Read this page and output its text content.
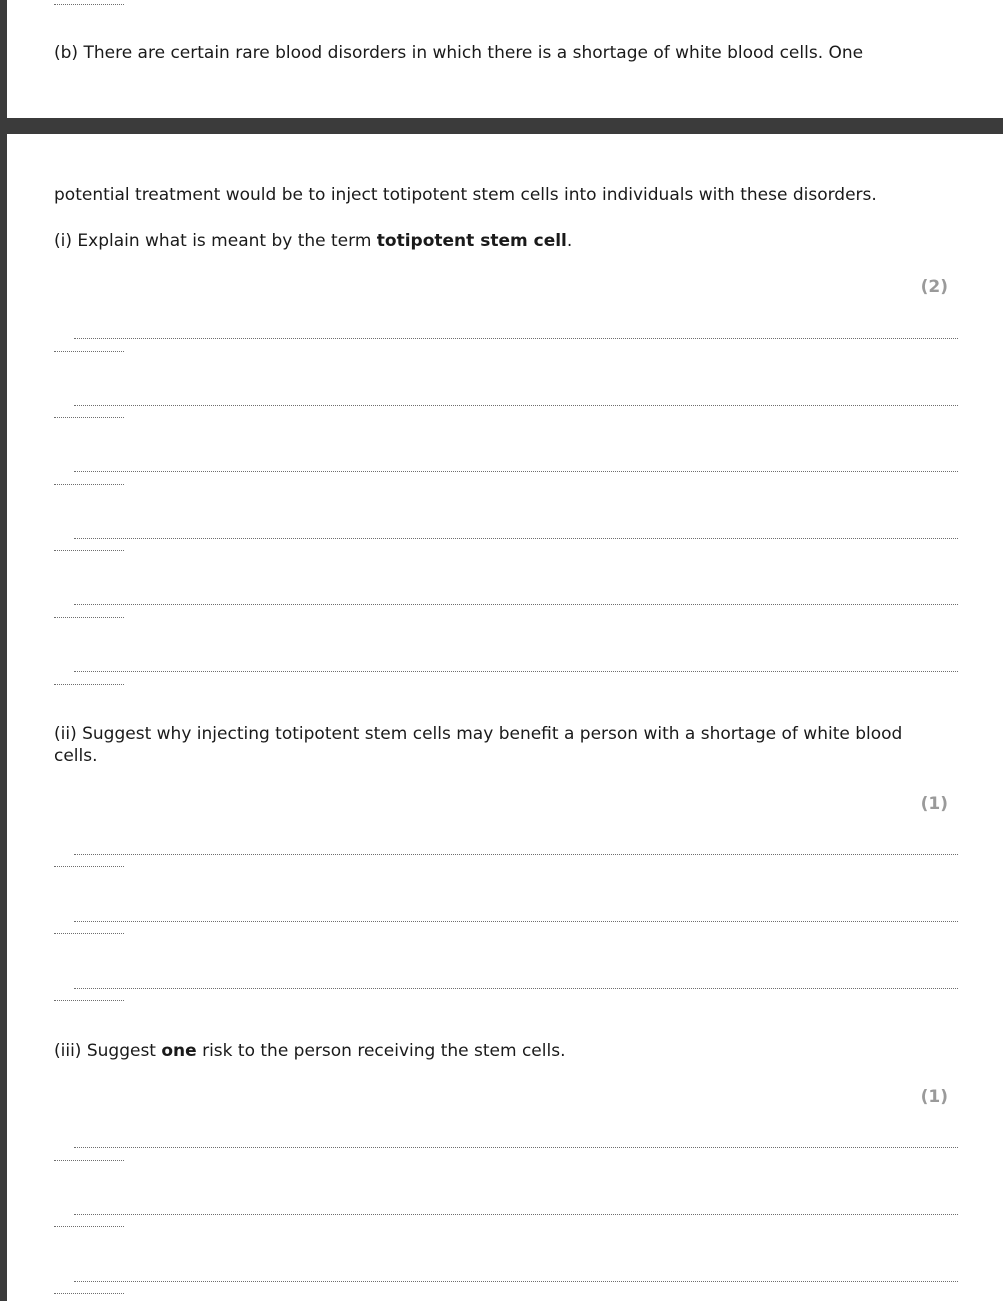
(b) There are certain rare blood disorders in which there is a shortage of white blood cells. One

potential treatment would be to inject totipotent stem cells into individuals with these disorders.

(i) Explain what is meant by the term totipotent stem cell.

(2)

(ii) Suggest why injecting totipotent stem cells may benefit a person with a shortage of white blood cells.

(1)

(iii) Suggest one risk to the person receiving the stem cells.

(1)
